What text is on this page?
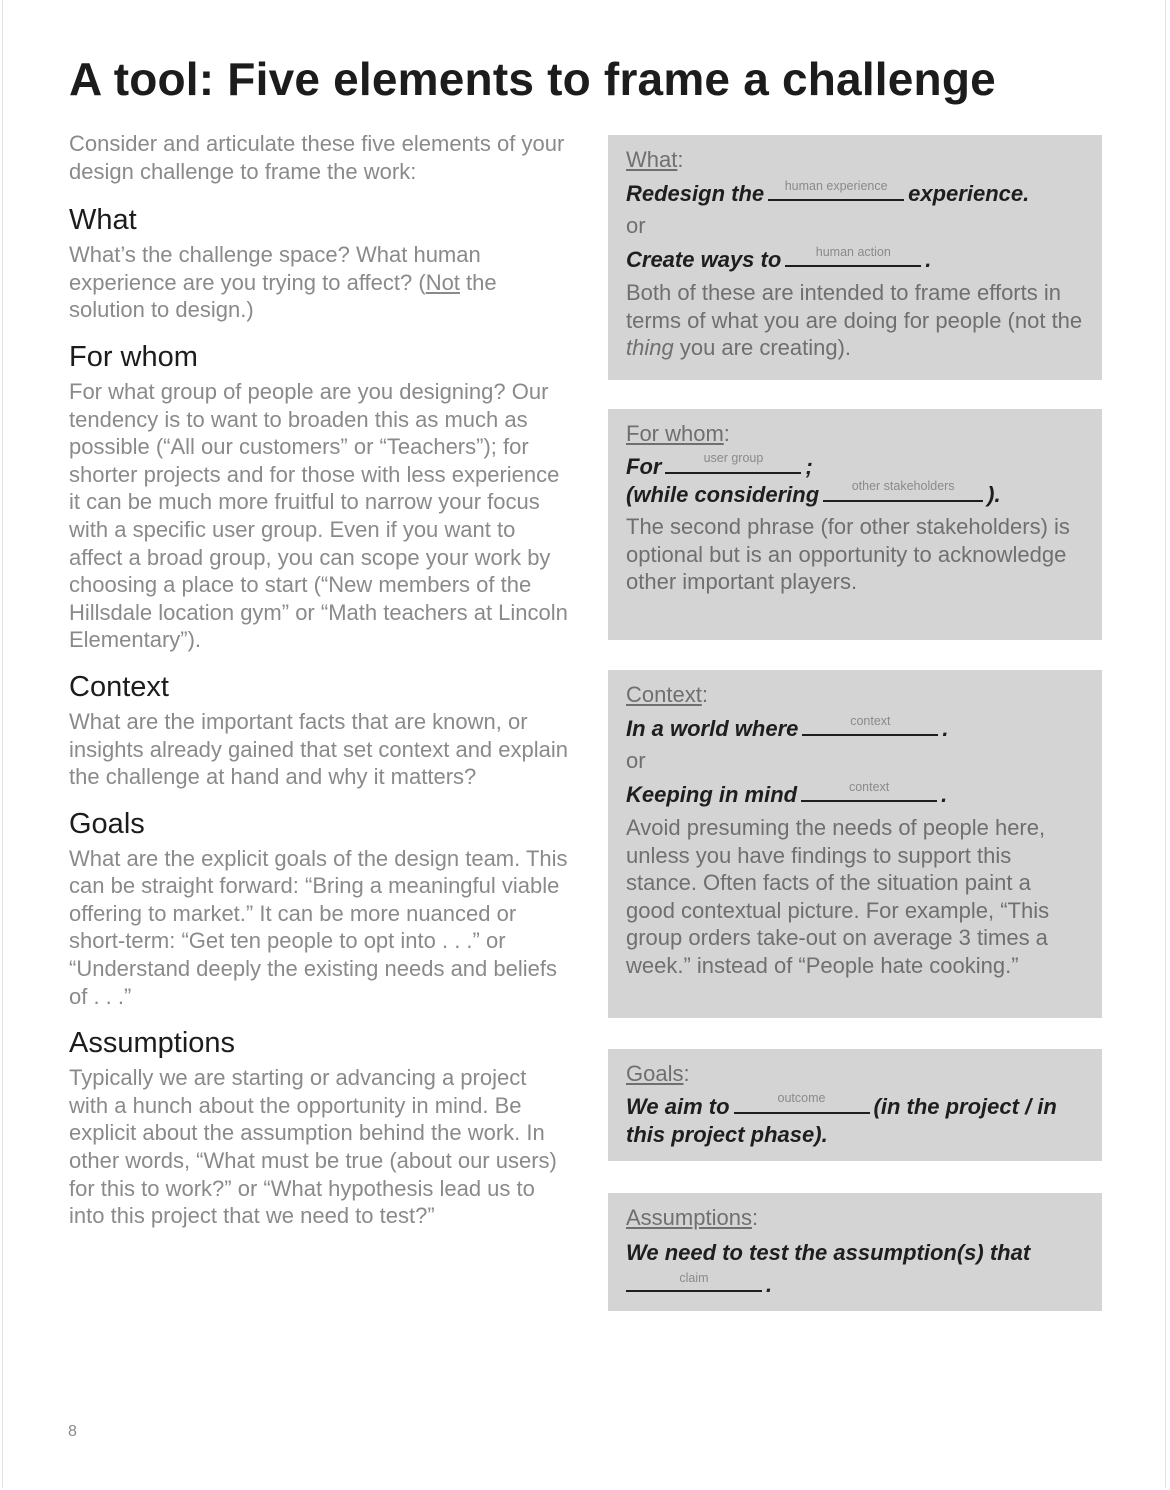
A tool: Five elements to frame a challenge
Consider and articulate these five elements of your design challenge to frame the work:
What
What’s the challenge space? What human experience are you trying to affect? (Not the solution to design.)
For whom
For what group of people are you designing? Our tendency is to want to broaden this as much as possible (“All our customers” or “Teachers”); for shorter projects and for those with less experience it can be much more fruitful to narrow your focus with a specific user group. Even if you want to affect a broad group, you can scope your work by choosing a place to start (“New members of the Hillsdale location gym” or “Math teachers at Lincoln Elementary”).
Context
What are the important facts that are known, or insights already gained that set context and explain the challenge at hand and why it matters?
Goals
What are the explicit goals of the design team. This can be straight forward: “Bring a meaningful viable offering to market.” It can be more nuanced or short-term: “Get ten people to opt into . . .” or “Understand deeply the existing needs and beliefs of . . .”
Assumptions
Typically we are starting or advancing a project with a hunch about the opportunity in mind. Be explicit about the assumption behind the work. In other words, “What must be true (about our users) for this to work?” or “What hypothesis lead us to into this project that we need to test?”
What:
Redesign the	human experience experience.
or
Create ways to	human action	.
Both of these are intended to frame efforts in terms of what you are doing for people (not the thing you are creating).
For whom:
For	user group	;
(while considering	other stakeholders	).
The second phrase (for other stakeholders) is optional but is an opportunity to acknowledge other important players.
Context:
In a world where	context	.
or
Keeping in mind	context	.
Avoid presuming the needs of people here, unless you have findings to support this stance. Often facts of the situation paint a good contextual picture. For example, “This group orders take-out on average 3 times a week.” instead of “People hate cooking.”
Goals:
We aim to	outcome	(in the project / in this project phase).
Assumptions:
We need to test the assumption(s) that

claim	.
8
